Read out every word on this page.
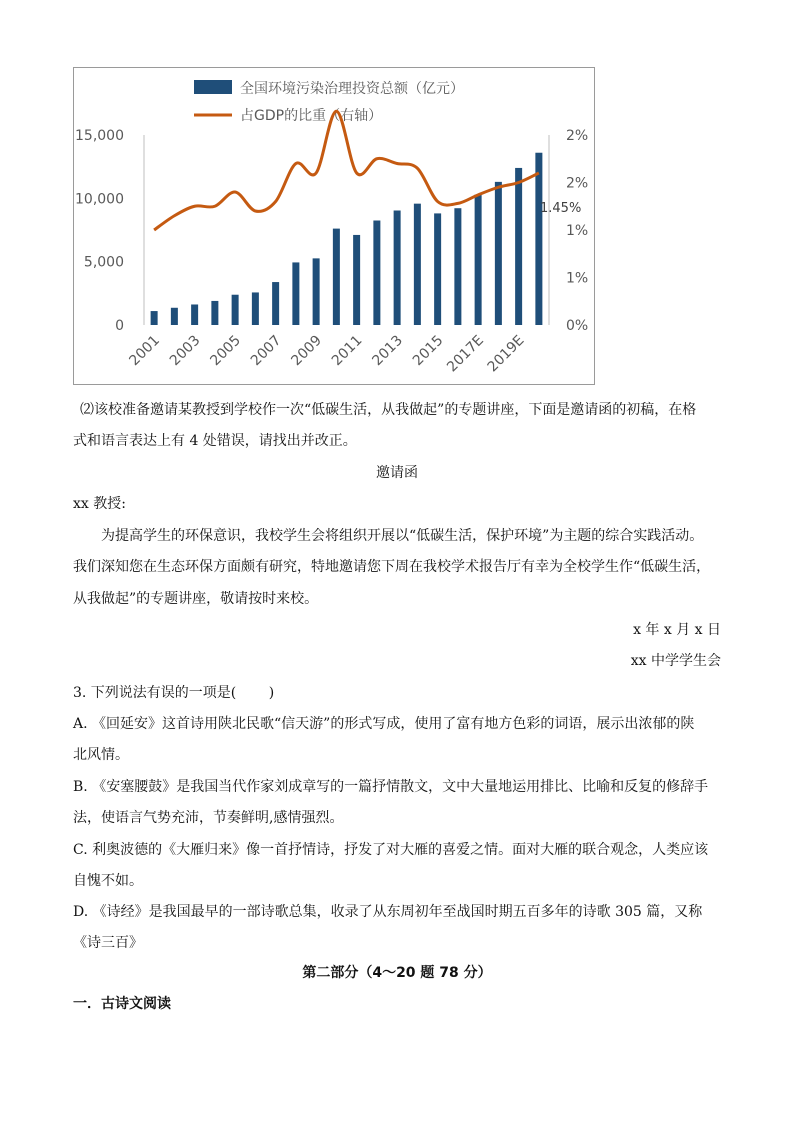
全国环境污染治理投资总额（亿元）
占GDP的比重（右轴）
0
5,000
10,000
15,000
0%
1%
1%
2%
2%
2001 2003 2005 2007 2009 2011 2013 2015
2017E
2019E
1.45%
⑵该校准备邀请某教授到学校作一次“低碳生活，从我做起”的专题讲座，下面是邀请函的初稿，在格
式和语言表达上有 4 处错误，请找出并改正。
邀请函
xx 教授:
为提高学生的环保意识，我校学生会将组织开展以“低碳生活，保护环境”为主题的综合实践活动。
我们深知您在生态环保方面颇有研究，特地邀请您下周在我校学术报告厅有幸为全校学生作“低碳生活，
从我做起”的专题讲座，敬请按时来校。
x 年 x 月 x 日
xx 中学学生会
3. 下列说法有误的一项是(　　 )
A. 《回延安》这首诗用陕北民歌“信天游”的形式写成，使用了富有地方色彩的词语，展示出浓郁的陕
北风情。
B. 《安塞腰鼓》是我国当代作家刘成章写的一篇抒情散文，文中大量地运用排比、比喻和反复的修辞手
法，使语言气势充沛，节奏鲜明,感情强烈。
C. 利奥波德的《大雁归来》像一首抒情诗，抒发了对大雁的喜爱之情。面对大雁的联合观念，人类应该
自愧不如。
D. 《诗经》是我国最早的一部诗歌总集，收录了从东周初年至战国时期五百多年的诗歌 305 篇，又称
《诗三百》
第二部分（4～20 题 78 分）
一．古诗文阅读
